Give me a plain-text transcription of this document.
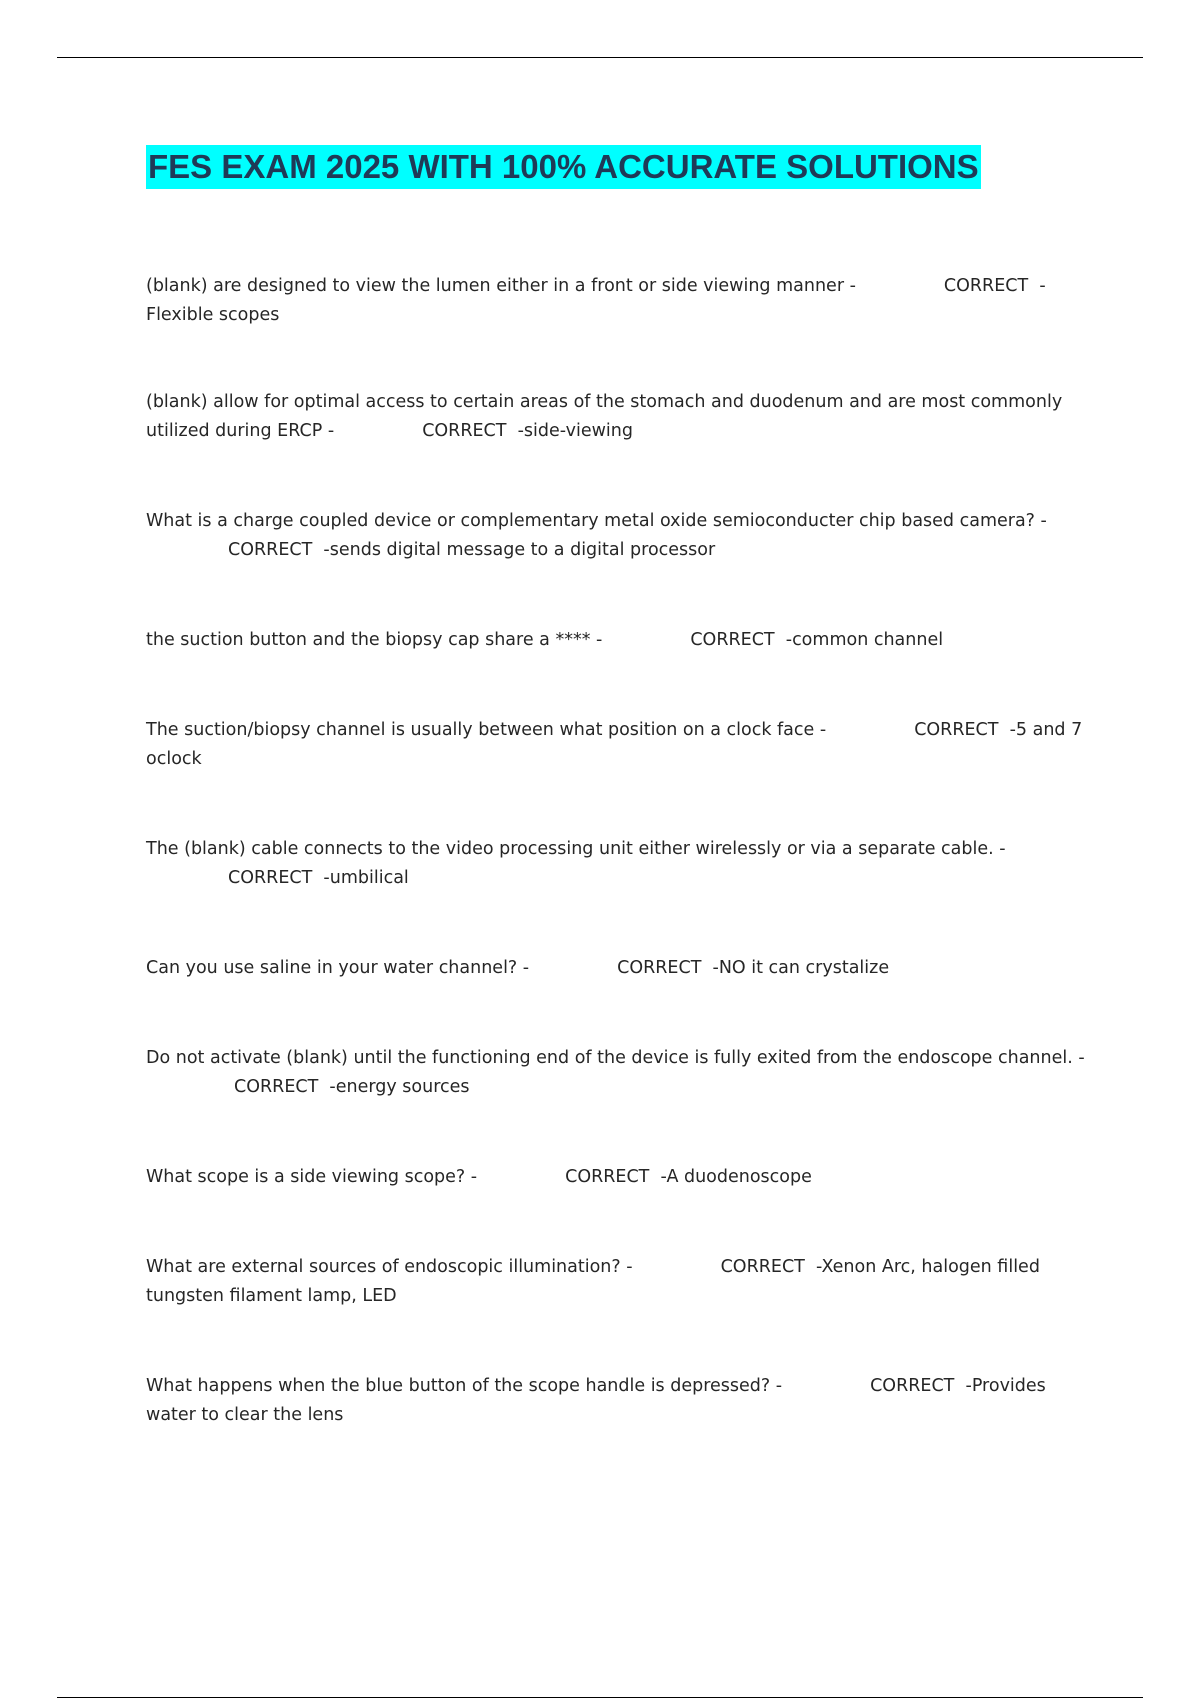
FES EXAM 2025 WITH 100% ACCURATE SOLUTIONS
(blank) are designed to view the lumen either in a front or side viewing manner -	CORRECT - Flexible scopes
(blank) allow for optimal access to certain areas of the stomach and duodenum and are most commonly utilized during ERCP -	CORRECT -side-viewing
What is a charge coupled device or complementary metal oxide semioconducter chip based camera? -
CORRECT -sends digital message to a digital processor
the suction button and the biopsy cap share a **** -	CORRECT -common channel
The suction/biopsy channel is usually between what position on a clock face -	CORRECT -5 and 7 oclock
The (blank) cable connects to the video processing unit either wirelessly or via a separate cable. -
CORRECT -umbilical
Can you use saline in your water channel? -	CORRECT -NO it can crystalize
Do not activate (blank) until the functioning end of the device is fully exited from the endoscope channel. -CORRECT -energy sources
What scope is a side viewing scope? -	CORRECT -A duodenoscope
What are external sources of endoscopic illumination? -	CORRECT -Xenon Arc, halogen filled tungsten filament lamp, LED
What happens when the blue button of the scope handle is depressed? -	CORRECT -Provides water to clear the lens
